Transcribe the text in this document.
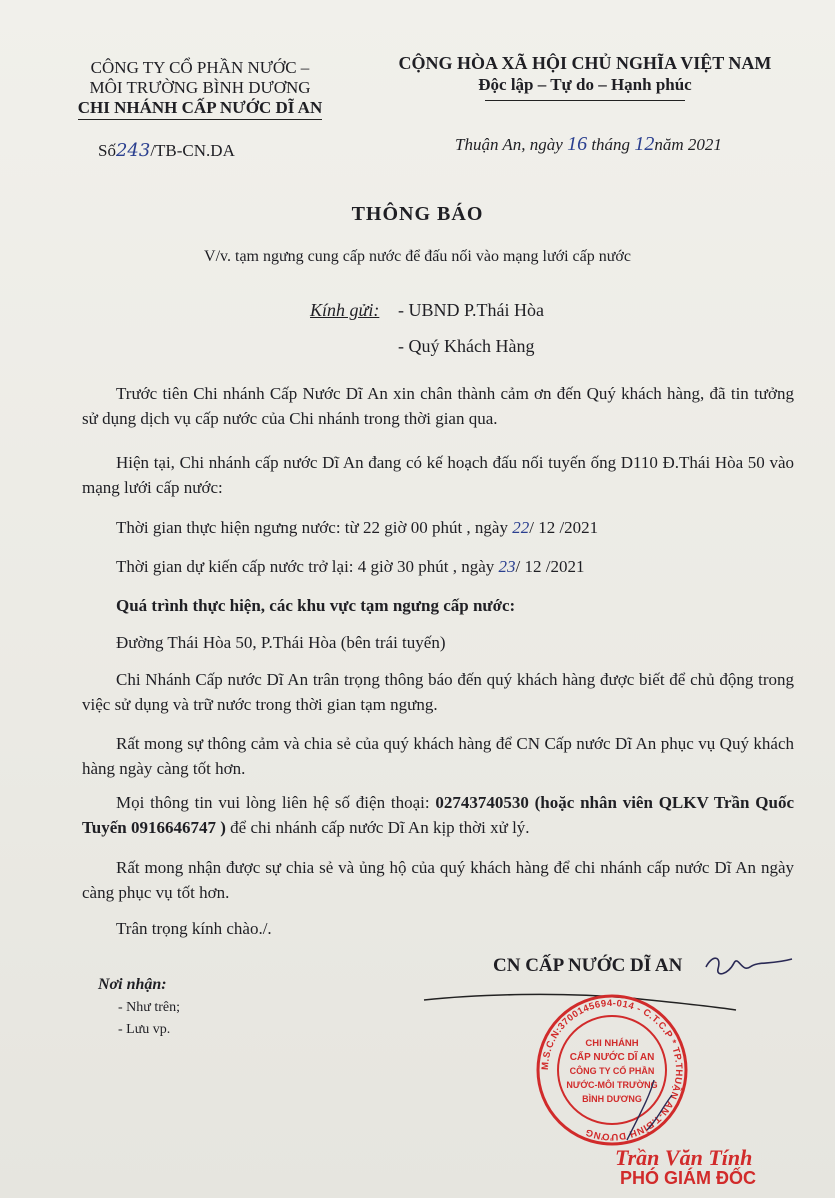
CÔNG TY CỔ PHẦN NƯỚC –
MÔI TRƯỜNG BÌNH DƯƠNG
CHI NHÁNH CẤP NƯỚC DĨ AN
CỘNG HÒA XÃ HỘI CHỦ NGHĨA VIỆT NAM
Độc lập – Tự do – Hạnh phúc
Số243/TB-CN.DA	Thuận An, ngày 16 tháng 12năm 2021
THÔNG BÁO
V/v. tạm ngưng cung cấp nước để đấu nối vào mạng lưới cấp nước
Kính gửi: - UBND P.Thái Hòa
- Quý Khách Hàng
Trước tiên Chi nhánh Cấp Nước Dĩ An xin chân thành cảm ơn đến Quý khách hàng, đã tin tưởng sử dụng dịch vụ cấp nước của Chi nhánh trong thời gian qua.
Hiện tại, Chi nhánh cấp nước Dĩ An đang có kế hoạch đấu nối tuyến ống D110 Đ.Thái Hòa 50 vào mạng lưới cấp nước:
Thời gian thực hiện ngưng nước: từ 22 giờ 00 phút , ngày 22/ 12 /2021
Thời gian dự kiến cấp nước trở lại: 4 giờ 30 phút , ngày 23/ 12 /2021
Quá trình thực hiện, các khu vực tạm ngưng cấp nước:
Đường Thái Hòa 50, P.Thái Hòa (bên trái tuyến)
Chi Nhánh Cấp nước Dĩ An trân trọng thông báo đến quý khách hàng được biết để chủ động trong việc sử dụng và trữ nước trong thời gian tạm ngưng.
Rất mong sự thông cảm và chia sẻ của quý khách hàng để CN Cấp nước Dĩ An phục vụ Quý khách hàng ngày càng tốt hơn.
Mọi thông tin vui lòng liên hệ số điện thoại: 02743740530 (hoặc nhân viên QLKV Trần Quốc Tuyến 0916646747 ) để chi nhánh cấp nước Dĩ An kịp thời xử lý.
Rất mong nhận được sự chia sẻ và ủng hộ của quý khách hàng để chi nhánh cấp nước Dĩ An ngày càng phục vụ tốt hơn.
Trân trọng kính chào./.
CN CẤP NƯỚC DĨ AN
Nơi nhận:
- Như trên;
- Lưu vp.
M.S.C.N:3700145694-014 - C.T.C.P * TP.THUẬN AN-T.BÌNH DƯƠNG
CHI NHÁNH
CẤP NƯỚC DĨ AN
CÔNG TY CỔ PHẦN
NƯỚC-MÔI TRƯỜNG
BÌNH DƯƠNG
Trần Văn Tính
PHÓ GIÁM ĐỐC
